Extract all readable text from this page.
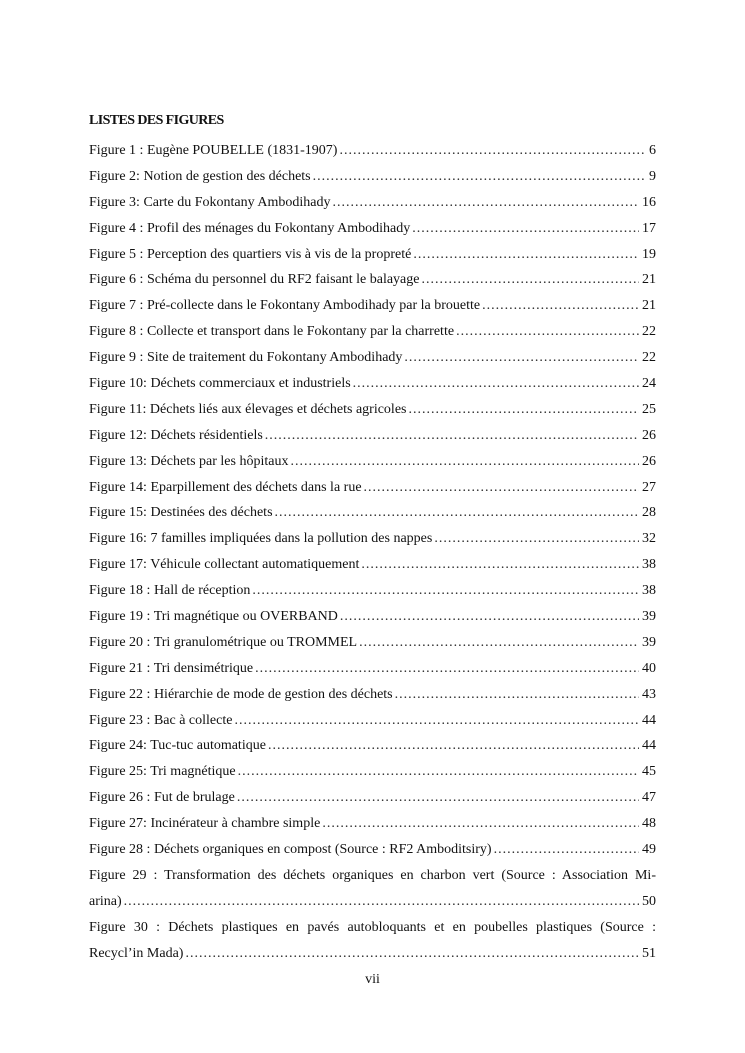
LISTES DES FIGURES
Figure 1 : Eugène POUBELLE (1831-1907) .....	6
Figure 2: Notion de gestion des déchets .....	9
Figure 3: Carte du Fokontany Ambodihady .....	16
Figure 4 : Profil des ménages du Fokontany Ambodihady .....	17
Figure 5 : Perception des quartiers vis à vis de la propreté .....	19
Figure 6 : Schéma du personnel du RF2 faisant le balayage .....	21
Figure 7 : Pré-collecte dans le Fokontany Ambodihady par la brouette .....	21
Figure 8 : Collecte et transport dans le Fokontany par la charrette .....	22
Figure 9 : Site de traitement du Fokontany Ambodihady .....	22
Figure 10: Déchets commerciaux et industriels .....	24
Figure 11: Déchets liés aux élevages et déchets agricoles .....	25
Figure 12: Déchets résidentiels .....	26
Figure 13: Déchets par les hôpitaux .....	26
Figure 14: Eparpillement des déchets dans la rue .....	27
Figure 15: Destinées des déchets .....	28
Figure 16: 7 familles impliquées dans la pollution des nappes .....	32
Figure 17: Véhicule collectant automatiquement .....	38
Figure 18 : Hall de réception .....	38
Figure 19 : Tri magnétique ou OVERBAND .....	39
Figure 20 : Tri granulométrique ou TROMMEL .....	39
Figure 21 : Tri densimétrique .....	40
Figure 22 : Hiérarchie de mode de gestion des déchets .....	43
Figure 23 : Bac à collecte .....	44
Figure 24: Tuc-tuc automatique .....	44
Figure 25: Tri magnétique .....	45
Figure 26 : Fut de brulage .....	47
Figure 27: Incinérateur à chambre simple .....	48
Figure 28 : Déchets organiques en compost (Source : RF2 Amboditsiry) .....	49
Figure 29 : Transformation des déchets organiques en charbon vert (Source : Association Mi-
arina) .....	50
Figure 30 : Déchets plastiques en pavés autobloquants et en poubelles plastiques (Source :
Recycl’in Mada) .....	51
vii
